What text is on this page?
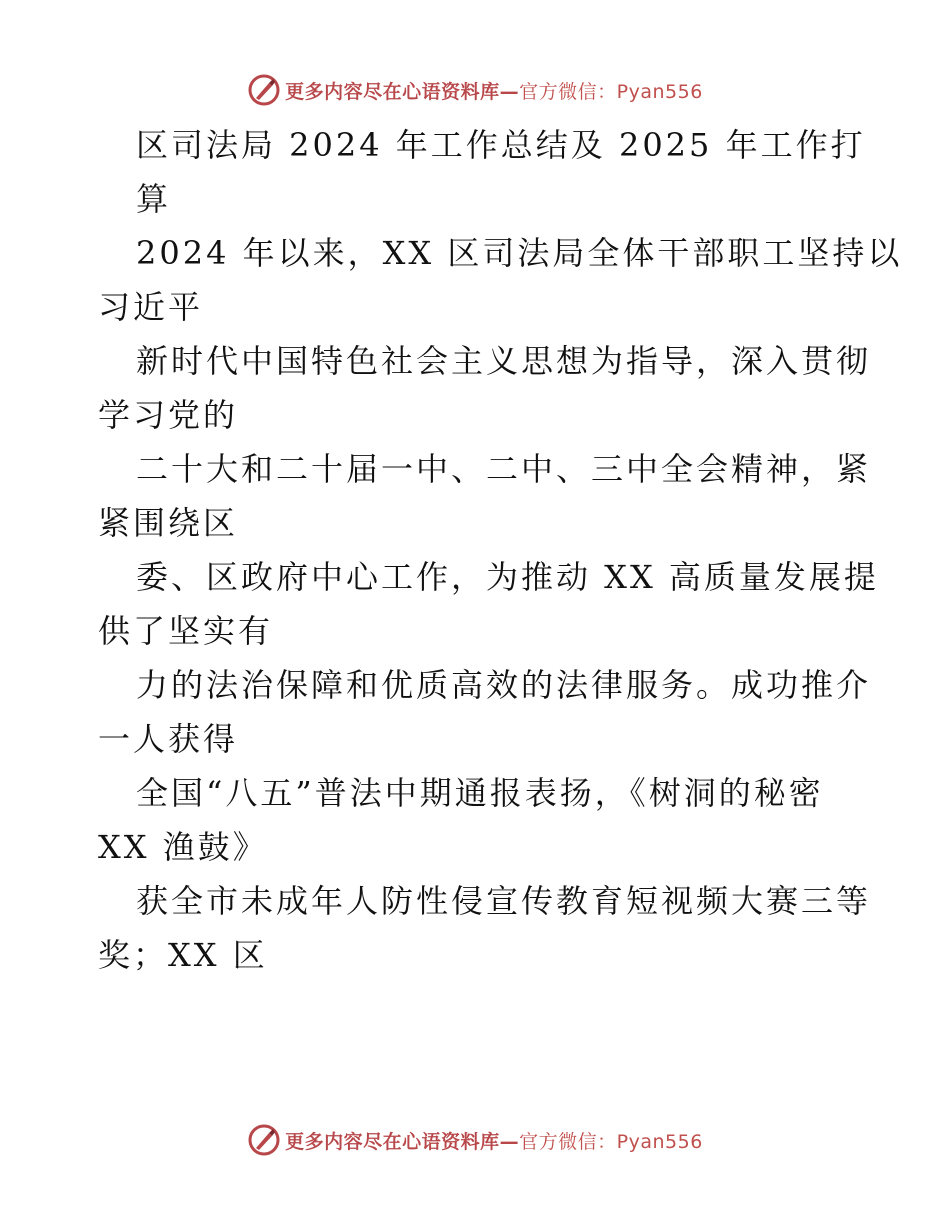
更多内容尽在心语资料库—官方微信：Pyan556
区司法局 2024 年工作总结及 2025 年工作打
算
2024 年以来，XX 区司法局全体干部职工坚持以
习近平
新时代中国特色社会主义思想为指导，深入贯彻
学习党的
二十大和二十届一中、二中、三中全会精神，紧
紧围绕区
委、区政府中心工作，为推动 XX 高质量发展提
供了坚实有
力的法治保障和优质高效的法律服务。成功推介
一人获得
全国“八五”普法中期通报表扬，《树洞的秘密
XX 渔鼓》
获全市未成年人防性侵宣传教育短视频大赛三等
奖；XX 区
更多内容尽在心语资料库—官方微信：Pyan556
